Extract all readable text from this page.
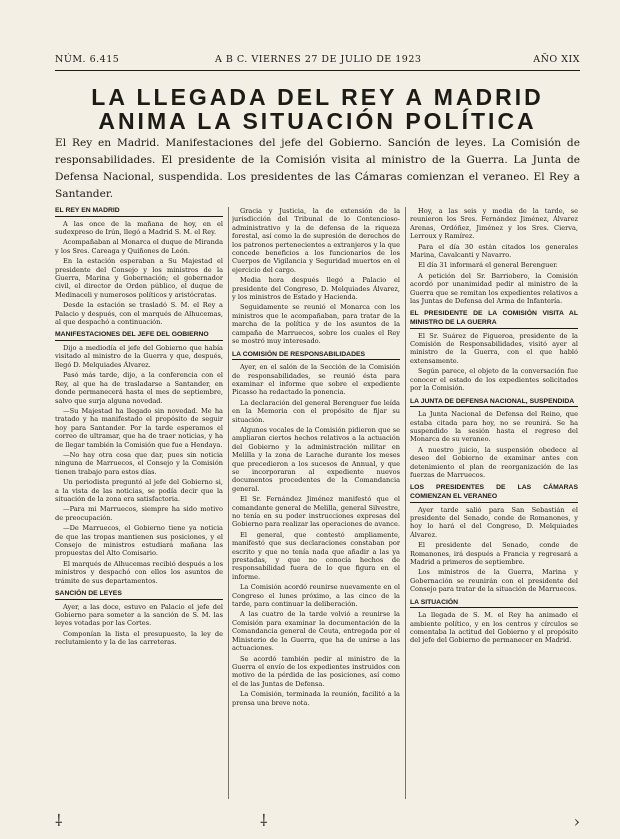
NÚM. 6.415	A B C. VIERNES 27 DE JULIO DE 1923	AÑO XIX
LA LLEGADA DEL REY A MADRID
ANIMA LA SITUACIÓN POLÍTICA
El Rey en Madrid. Manifestaciones del jefe del Gobierno. Sanción de leyes. La Comisión de responsabilidades. El presidente de la Comisión visita al ministro de la Guerra. La Junta de Defensa Nacional, suspendida. Los presidentes de las Cámaras comienzan el veraneo. El Rey a Santander.
EL REY EN MADRID

A las once de la mañana de hoy, en el sudexpreso de Irún, llegó a Madrid S. M. el Rey.

Acompañaban al Monarca el duque de Miranda y los Sres. Careaga y Quiñones de León.

En la estación esperaban a Su Majestad el presidente del Consejo y los ministros de la Guerra, Marina y Gobernación; el gobernador civil, el director de Orden público, el duque de Medinaceli y numerosos políticos y aristócratas.

Desde la estación se trasladó S. M. el Rey a Palacio y después, con el marqués de Alhucemas, al que despachó a continuación.

MANIFESTACIONES DEL JEFE DEL GOBIERNO

Dijo a mediodía el jefe del Gobierno que había visitado al ministro de la Guerra y que, después, llegó D. Melquiades Álvarez.

Pasó más tarde, dijo, a la conferencia con el Rey, al que ha de trasladarse a Santander, en donde permanecerá hasta el mes de septiembre, salvo que surja alguna novedad.

—Su Majestad ha llegado sin novedad. Me ha tratado y ha manifestado el propósito de seguir hoy para Santander. Por la tarde esperamos el correo de ultramar, que ha de traer noticias, y ha de llegar también la Comisión que fue a Hendaya.

—No hay otra cosa que dar, pues sin noticia ninguna de Marruecos, el Consejo y la Comisión tienen trabajo para estos días.

Un periodista preguntó al jefe del Gobierno si, a la vista de las noticias, se podía decir que la situación de la zona era satisfactoria.

—Para mi Marruecos, siempre ha sido motivo de preocupación.

—De Marruecos, el Gobierno tiene ya noticia de que las tropas mantienen sus posiciones, y el Consejo de ministros estudiará mañana las propuestas del Alto Comisario.

El marqués de Alhucemas recibió después a los ministros y despachó con ellos los asuntos de trámite de sus departamentos.

SANCIÓN DE LEYES

Ayer, a las doce, estuvo en Palacio el jefe del Gobierno para someter a la sanción de S. M. las leyes votadas por las Cortes.

Componían la lista el presupuesto, la ley de reclutamiento y la de las carreteras.

Gracia y Justicia, la de extensión de la jurisdicción del Tribunal de lo Contencioso-administrativo y la de defensa de la riqueza forestal, así como la de supresión de derechos de los patronos pertenecientes a extranjeros y la que concede beneficios a los funcionarios de los Cuerpos de Vigilancia y Seguridad muertos en el ejercicio del cargo.

Media hora después llegó a Palacio el presidente del Congreso, D. Melquiades Álvarez, y los ministros de Estado y Hacienda.

Seguidamente se reunió el Monarca con los ministros que le acompañaban, para tratar de la marcha de la política y de los asuntos de la campaña de Marruecos, sobre los cuales el Rey se mostró muy interesado.

LA COMISIÓN DE RESPONSABILIDADES

Ayer, en el salón de la Sección de la Comisión de responsabilidades, se reunió ésta para examinar el informe que sobre el expediente Picasso ha redactado la ponencia.

La declaración del general Berenguer fue leída en la Memoria con el propósito de fijar su situación.

Algunos vocales de la Comisión pidieron que se ampliaran ciertos hechos relativos a la actuación del Gobierno y la administración militar en Melilla y la zona de Larache durante los meses que precedieron a los sucesos de Annual, y que se incorporaran al expediente nuevos documentos procedentes de la Comandancia general.

El Sr. Fernández Jiménez manifestó que el comandante general de Melilla, general Silvestre, no tenía en su poder instrucciones expresas del Gobierno para realizar las operaciones de avance.

El general, que contestó ampliamente, manifestó que sus declaraciones constaban por escrito y que no tenía nada que añadir a las ya prestadas, y que no conocía hechos de responsabilidad fuera de lo que figura en el informe.

La Comisión acordó reunirse nuevamente en el Congreso el lunes próximo, a las cinco de la tarde, para continuar la deliberación.

A las cuatro de la tarde volvió a reunirse la Comisión para examinar la documentación de la Comandancia general de Ceuta, entregada por el Ministerio de la Guerra, que ha de unirse a las actuaciones.

Se acordó también pedir al ministro de la Guerra el envío de los expedientes instruidos con motivo de la pérdida de las posiciones, así como el de las Juntas de Defensa.

La Comisión, terminada la reunión, facilitó a la prensa una breve nota.

Hoy, a las seis y media de la tarde, se reunieron los Sres. Fernández Jiménez, Álvarez Arenas, Ordóñez, Jiménez y los Sres. Cierva, Lerroux y Ramírez.

Para el día 30 están citados los generales Marina, Cavalcanti y Navarro.

El día 31 informará el general Berenguer.

A petición del Sr. Barriobero, la Comisión acordó por unanimidad pedir al ministro de la Guerra que se remitan los expedientes relativos a las Juntas de Defensa del Arma de Infantería.

EL PRESIDENTE DE LA COMISIÓN VISITA AL MINISTRO DE LA GUERRA

El Sr. Suárez de Figueroa, presidente de la Comisión de Responsabilidades, visitó ayer al ministro de la Guerra, con el que habló extensamente.

Según parece, el objeto de la conversación fue conocer el estado de los expedientes solicitados por la Comisión.

LA JUNTA DE DEFENSA NACIONAL, SUSPENDIDA

La Junta Nacional de Defensa del Reino, que estaba citada para hoy, no se reunirá. Se ha suspendido la sesión hasta el regreso del Monarca de su veraneo.

A nuestro juicio, la suspensión obedece al deseo del Gobierno de examinar antes con detenimiento el plan de reorganización de las fuerzas de Marruecos.

LOS PRESIDENTES DE LAS CÁMARAS COMIENZAN EL VERANEO

Ayer tarde salió para San Sebastián el presidente del Senado, conde de Romanones, y hoy lo hará el del Congreso, D. Melquiades Álvarez.

El presidente del Senado, conde de Romanones, irá después a Francia y regresará a Madrid a primeros de septiembre.

Los ministros de la Guerra, Marina y Gobernación se reunirán con el presidente del Consejo para tratar de la situación de Marruecos.

LA SITUACIÓN

La llegada de S. M. el Rey ha animado el ambiente político, y en los centros y círculos se comentaba la actitud del Gobierno y el propósito del jefe del Gobierno de permanecer en Madrid.

⸸	⸸	›
